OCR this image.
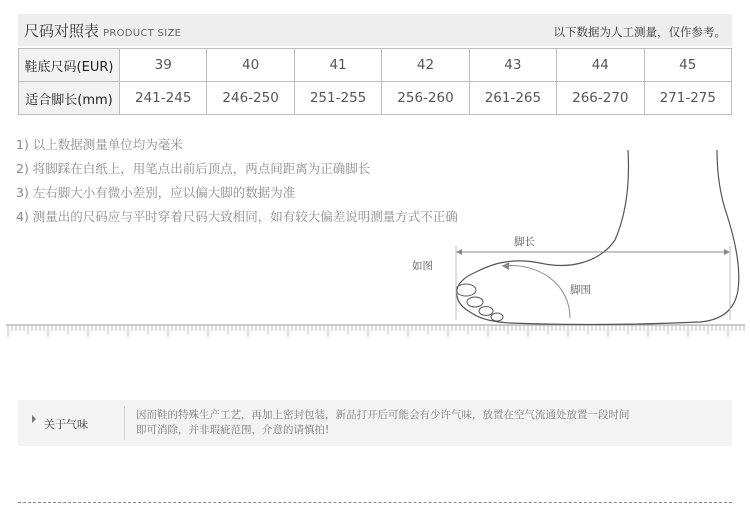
尺码对照表 PRODUCT SIZE	以下数据为人工测量，仅作参考。
鞋底尺码(EUR)	39	40	41	42	43	44	45
适合脚长(mm)	241-245	246-250	251-255	256-260	261-265	266-270	271-275
脚长
如图
脚围
1) 以上数据测量单位均为毫米
2) 将脚踩在白纸上，用笔点出前后顶点，两点间距离为正确脚长
3) 左右脚大小有微小差别，应以偏大脚的数据为准
4) 测量出的尺码应与平时穿着尺码大致相同，如有较大偏差说明测量方式不正确
关于气味
因而鞋的特殊生产工艺，再加上密封包装，新品打开后可能会有少许气味，放置在空气流通处放置一段时间
即可消除，并非瑕疵范围，介意的请慎拍!
